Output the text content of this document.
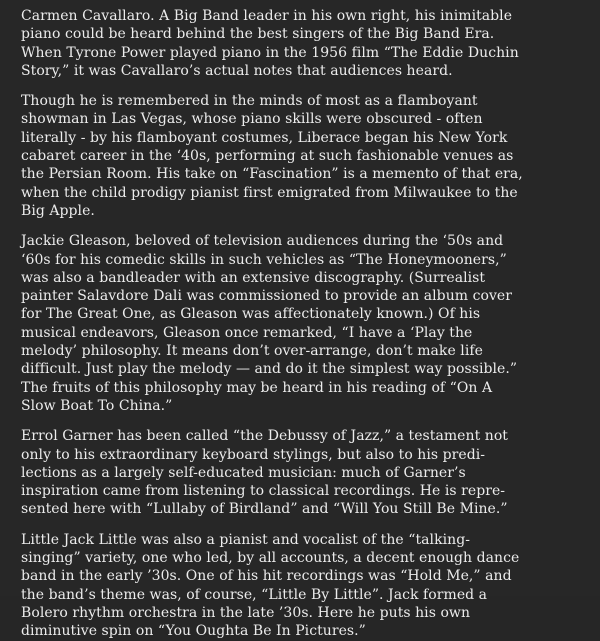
Carmen Cavallaro. A Big Band leader in his own right, his inimitable
piano could be heard behind the best singers of the Big Band Era.
When Tyrone Power played piano in the 1956 film “The Eddie Duchin
Story,” it was Cavallaro’s actual notes that audiences heard.

Though he is remembered in the minds of most as a flamboyant
showman in Las Vegas, whose piano skills were obscured - often
literally - by his flamboyant costumes, Liberace began his New York
cabaret career in the ‘40s, performing at such fashionable venues as
the Persian Room. His take on “Fascination” is a memento of that era,
when the child prodigy pianist first emigrated from Milwaukee to the
Big Apple.

Jackie Gleason, beloved of television audiences during the ‘50s and
‘60s for his comedic skills in such vehicles as “The Honeymooners,”
was also a bandleader with an extensive discography. (Surrealist
painter Salavdore Dali was commissioned to provide an album cover
for The Great One, as Gleason was affectionately known.) Of his
musical endeavors, Gleason once remarked, “I have a ‘Play the
melody’ philosophy. It means don’t over-arrange, don’t make life
difficult. Just play the melody — and do it the simplest way possible.”
The fruits of this philosophy may be heard in his reading of “On A
Slow Boat To China.”

Errol Garner has been called “the Debussy of Jazz,” a testament not
only to his extraordinary keyboard stylings, but also to his predi-
lections as a largely self-educated musician: much of Garner’s
inspiration came from listening to classical recordings. He is repre-
sented here with “Lullaby of Birdland” and “Will You Still Be Mine.”

Little Jack Little was also a pianist and vocalist of the “talking-
singing” variety, one who led, by all accounts, a decent enough dance
band in the early ’30s. One of his hit recordings was “Hold Me,” and
the band’s theme was, of course, “Little By Little”. Jack formed a
Bolero rhythm orchestra in the late ’30s. Here he puts his own
diminutive spin on “You Oughta Be In Pictures.”
